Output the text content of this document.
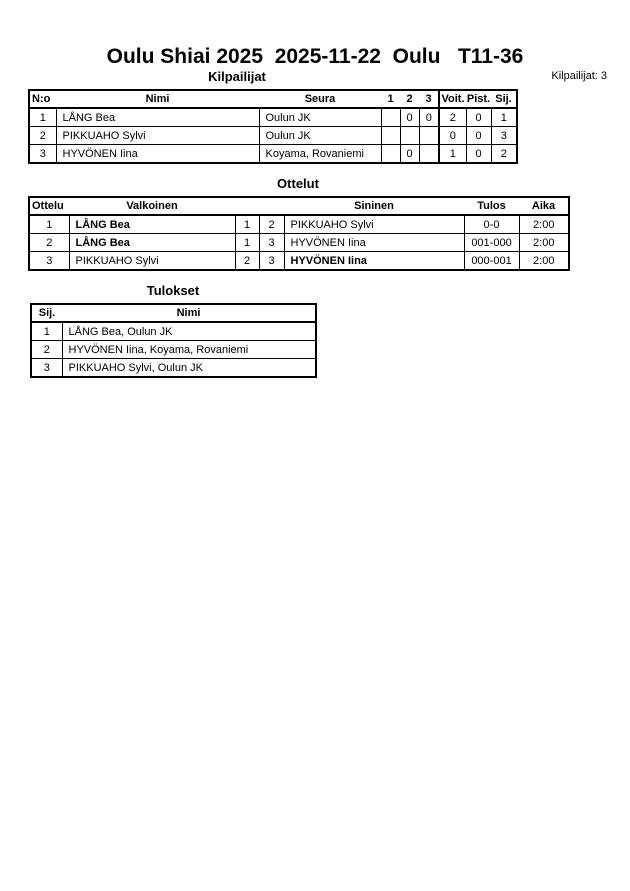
Oulu Shiai 2025  2025-11-22  Oulu   T11-36
Kilpailijat	Kilpailijat: 3
N:o	Nimi	Seura	1	2	3	Voit.	Pist.	Sij.
1	LÅNG Bea	Oulun JK		0	0	2	0	1
2	PIKKUAHO Sylvi	Oulun JK				0	0	3
3	HYVÖNEN Iina	Koyama, Rovaniemi		0		1	0	2
Ottelut
Ottelu	Valkoinen			Sininen	Tulos	Aika
1	LÅNG Bea	1	2	PIKKUAHO Sylvi	0-0	2:00
2	LÅNG Bea	1	3	HYVÖNEN Iina	001-000	2:00
3	PIKKUAHO Sylvi	2	3	HYVÖNEN Iina	000-001	2:00
Tulokset
Sij.	Nimi
1	LÅNG Bea, Oulun JK
2	HYVÖNEN Iina, Koyama, Rovaniemi
3	PIKKUAHO Sylvi, Oulun JK
